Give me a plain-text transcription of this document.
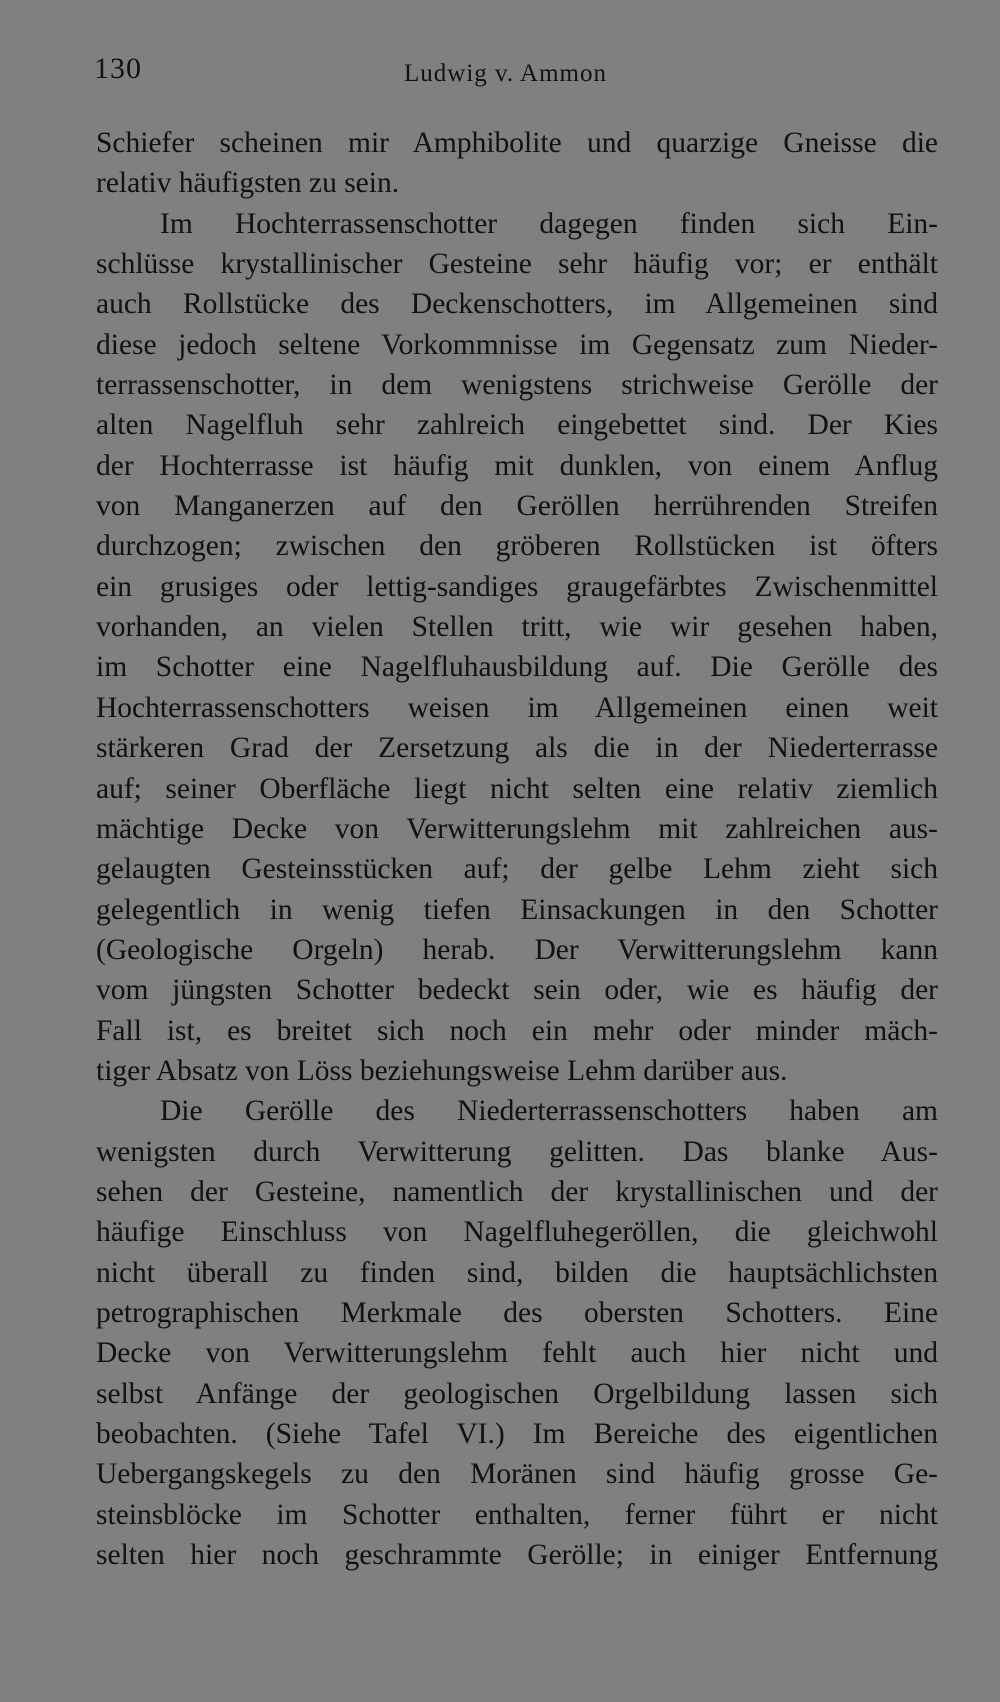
130	Ludwig v. Ammon
Schiefer scheinen mir Amphibolite und quarzige Gneisse die
relativ häufigsten zu sein.
Im Hochterrassenschotter dagegen finden sich Ein-
schlüsse krystallinischer Gesteine sehr häufig vor; er enthält
auch Rollstücke des Deckenschotters, im Allgemeinen sind
diese jedoch seltene Vorkommnisse im Gegensatz zum Nieder-
terrassenschotter, in dem wenigstens strichweise Gerölle der
alten Nagelfluh sehr zahlreich eingebettet sind. Der Kies
der Hochterrasse ist häufig mit dunklen, von einem Anflug
von Manganerzen auf den Geröllen herrührenden Streifen
durchzogen; zwischen den gröberen Rollstücken ist öfters
ein grusiges oder lettig-sandiges graugefärbtes Zwischenmittel
vorhanden, an vielen Stellen tritt, wie wir gesehen haben,
im Schotter eine Nagelfluhausbildung auf. Die Gerölle des
Hochterrassenschotters weisen im Allgemeinen einen weit
stärkeren Grad der Zersetzung als die in der Niederterrasse
auf; seiner Oberfläche liegt nicht selten eine relativ ziemlich
mächtige Decke von Verwitterungslehm mit zahlreichen aus-
gelaugten Gesteinsstücken auf; der gelbe Lehm zieht sich
gelegentlich in wenig tiefen Einsackungen in den Schotter
(Geologische Orgeln) herab. Der Verwitterungslehm kann
vom jüngsten Schotter bedeckt sein oder, wie es häufig der
Fall ist, es breitet sich noch ein mehr oder minder mäch-
tiger Absatz von Löss beziehungsweise Lehm darüber aus.
Die Gerölle des Niederterrassenschotters haben am
wenigsten durch Verwitterung gelitten. Das blanke Aus-
sehen der Gesteine, namentlich der krystallinischen und der
häufige Einschluss von Nagelfluhegeröllen, die gleichwohl
nicht überall zu finden sind, bilden die hauptsächlichsten
petrographischen Merkmale des obersten Schotters. Eine
Decke von Verwitterungslehm fehlt auch hier nicht und
selbst Anfänge der geologischen Orgelbildung lassen sich
beobachten. (Siehe Tafel VI.) Im Bereiche des eigentlichen
Uebergangskegels zu den Moränen sind häufig grosse Ge-
steinsblöcke im Schotter enthalten, ferner führt er nicht
selten hier noch geschrammte Gerölle; in einiger Entfernung
